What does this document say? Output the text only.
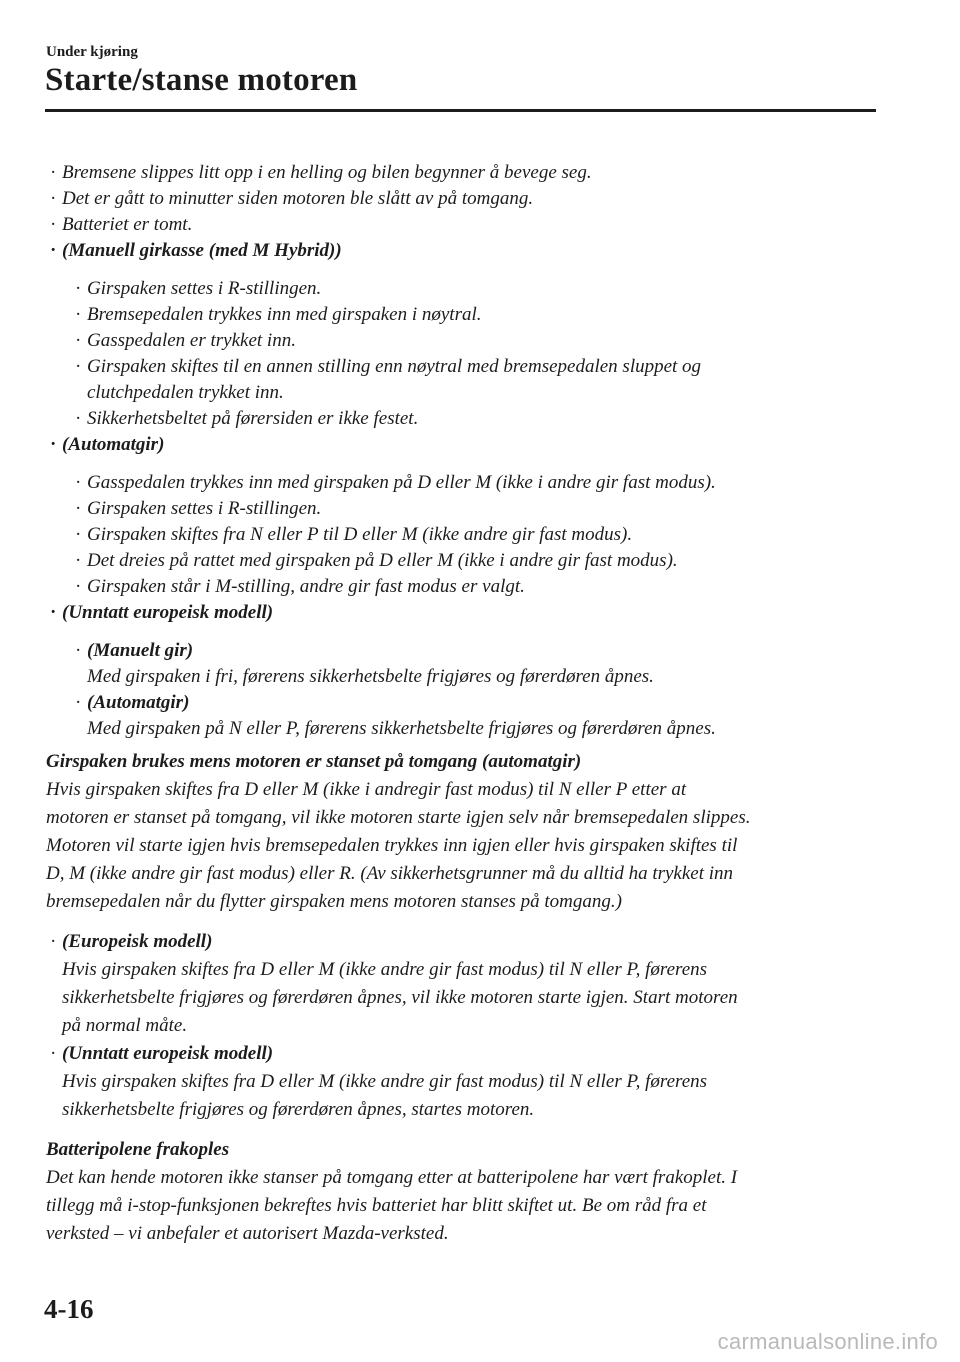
Under kjøring
Starte/stanse motoren
· Bremsene slippes litt opp i en helling og bilen begynner å bevege seg.
· Det er gått to minutter siden motoren ble slått av på tomgang.
· Batteriet er tomt.
· (Manuell girkasse (med M Hybrid))
· Girspaken settes i R-stillingen.
· Bremsepedalen trykkes inn med girspaken i nøytral.
· Gasspedalen er trykket inn.
· Girspaken skiftes til en annen stilling enn nøytral med bremsepedalen sluppet og
clutchpedalen trykket inn.
· Sikkerhetsbeltet på førersiden er ikke festet.
· (Automatgir)
· Gasspedalen trykkes inn med girspaken på D eller M (ikke i andre gir fast modus).
· Girspaken settes i R-stillingen.
· Girspaken skiftes fra N eller P til D eller M (ikke andre gir fast modus).
· Det dreies på rattet med girspaken på D eller M (ikke i andre gir fast modus).
· Girspaken står i M-stilling, andre gir fast modus er valgt.
· (Unntatt europeisk modell)
· (Manuelt gir)
Med girspaken i fri, førerens sikkerhetsbelte frigjøres og førerdøren åpnes.
· (Automatgir)
Med girspaken på N eller P, førerens sikkerhetsbelte frigjøres og førerdøren åpnes.
Girspaken brukes mens motoren er stanset på tomgang (automatgir)
Hvis girspaken skiftes fra D eller M (ikke i andregir fast modus) til N eller P etter at
motoren er stanset på tomgang, vil ikke motoren starte igjen selv når bremsepedalen slippes.
Motoren vil starte igjen hvis bremsepedalen trykkes inn igjen eller hvis girspaken skiftes til
D, M (ikke andre gir fast modus) eller R. (Av sikkerhetsgrunner må du alltid ha trykket inn
bremsepedalen når du flytter girspaken mens motoren stanses på tomgang.)
· (Europeisk modell)
Hvis girspaken skiftes fra D eller M (ikke andre gir fast modus) til N eller P, førerens
sikkerhetsbelte frigjøres og førerdøren åpnes, vil ikke motoren starte igjen. Start motoren
på normal måte.
· (Unntatt europeisk modell)
Hvis girspaken skiftes fra D eller M (ikke andre gir fast modus) til N eller P, førerens
sikkerhetsbelte frigjøres og førerdøren åpnes, startes motoren.
Batteripolene frakoples
Det kan hende motoren ikke stanser på tomgang etter at batteripolene har vært frakoplet. I
tillegg må i-stop-funksjonen bekreftes hvis batteriet har blitt skiftet ut. Be om råd fra et
verksted – vi anbefaler et autorisert Mazda-verksted.
4-16
carmanualsonline.info
